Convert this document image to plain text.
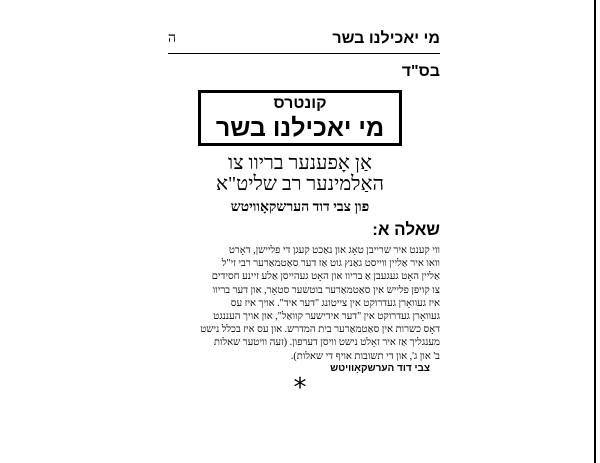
מי יאכילנו בשר
ה
בס"ד
קונטרס
מי יאכילנו בשר
אַן אָפענער בריוו צו
האַלמינער רב שליט"א
פון צבי דוד הערשקאָוויטש
שאלה א:
ווי קענט איר שרייבן טאָג און נאַכט קעגן די פליישן, דאָרט
וואו איר אַליין ווייסט גאַנץ גוט אַז דער סאַטמאַרער רבי זי"ל
אַליין האָט געגעבן אַ בריוו און האָט געהייסן אַלע זיינע חסידים
צו קויפן פלייש אין סאַטמאַרער בוטשער סטאָר, און דער בריוו
איז געוואָרן געדרוקט אין צייטונג "דער איד". אויך איז עס
געוואָרן געדרוקט אין "דער אידישער קוואַל", און אויך העננגט
דאָס כשרות אין סאַטמאַרער בית המדרש. און עס איז בכלל נישט
מענגליך אַז איר זאָלט נישט וויסן דערפון. (זעה וויטער שאלות
ב' און ג', און די תשובות אויף די שאלות).
צבי דוד הערשקאָוויטש
*
